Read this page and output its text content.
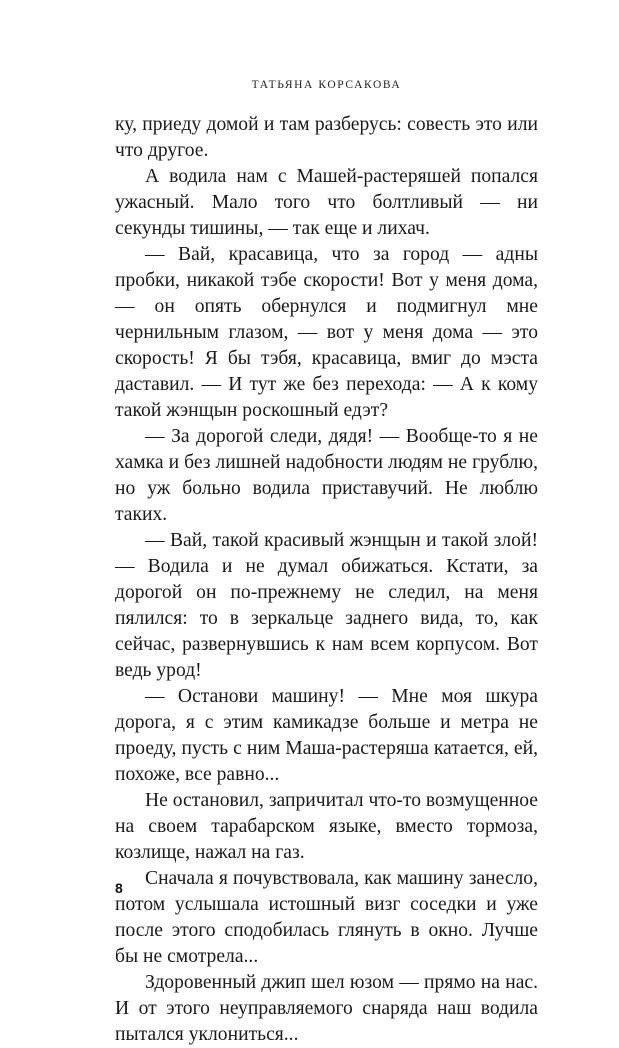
ТАТЬЯНА КОРСАКОВА

ку, приеду домой и там разберусь: совесть это или что другое.

А водила нам с Машей-растеряшей попался ужасный. Мало того что болтливый — ни секунды тишины, — так еще и лихач.

— Вай, красавица, что за город — адны пробки, никакой тэбе скорости! Вот у меня дома, — он опять обернулся и подмигнул мне чернильным глазом, — вот у меня дома — это скорость! Я бы тэбя, красавица, вмиг до мэста даставил. — И тут же без перехода: — А к кому такой жэнщын роскошный едэт?

— За дорогой следи, дядя! — Вообще-то я не хамка и без лишней надобности людям не грублю, но уж больно водила приставучий. Не люблю таких.

— Вай, такой красивый жэнщын и такой злой! — Водила и не думал обижаться. Кстати, за дорогой он по-прежнему не следил, на меня пялился: то в зеркальце заднего вида, то, как сейчас, развернувшись к нам всем корпусом. Вот ведь урод!

— Останови машину! — Мне моя шкура дорога, я с этим камикадзе больше и метра не проеду, пусть с ним Маша-растеряша катается, ей, похоже, все равно...

Не остановил, запричитал что-то возмущенное на своем тарабарском языке, вместо тормоза, козлище, нажал на газ.

Сначала я почувствовала, как машину занесло, потом услышала истошный визг соседки и уже после этого сподобилась глянуть в окно. Лучше бы не смотрела...

Здоровенный джип шел юзом — прямо на нас. И от этого неуправляемого снаряда наш водила пытался уклониться...

8
